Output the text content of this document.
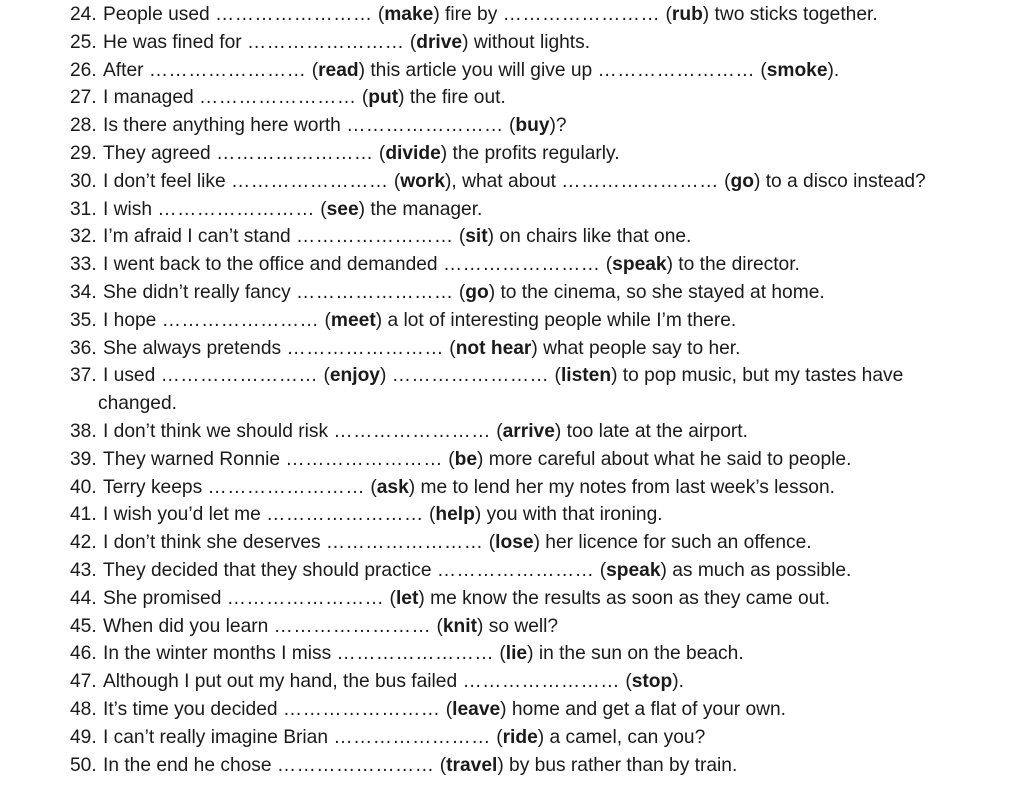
24. People used …………………… (make) fire by …………………… (rub) two sticks together.
25. He was fined for …………………… (drive) without lights.
26. After …………………… (read) this article you will give up …………………… (smoke).
27. I managed …………………… (put) the fire out.
28. Is there anything here worth …………………… (buy)?
29. They agreed …………………… (divide) the profits regularly.
30. I don’t feel like …………………… (work), what about …………………… (go) to a disco instead?
31. I wish …………………… (see) the manager.
32. I’m afraid I can’t stand …………………… (sit) on chairs like that one.
33. I went back to the office and demanded …………………… (speak) to the director.
34. She didn’t really fancy …………………… (go) to the cinema, so she stayed at home.
35. I hope …………………… (meet) a lot of interesting people while I’m there.
36. She always pretends …………………… (not hear) what people say to her.
37. I used …………………… (enjoy) …………………… (listen) to pop music, but my tastes have
changed.
38. I don’t think we should risk …………………… (arrive) too late at the airport.
39. They warned Ronnie …………………… (be) more careful about what he said to people.
40. Terry keeps …………………… (ask) me to lend her my notes from last week’s lesson.
41. I wish you’d let me …………………… (help) you with that ironing.
42. I don’t think she deserves …………………… (lose) her licence for such an offence.
43. They decided that they should practice …………………… (speak) as much as possible.
44. She promised …………………… (let) me know the results as soon as they came out.
45. When did you learn …………………… (knit) so well?
46. In the winter months I miss …………………… (lie) in the sun on the beach.
47. Although I put out my hand, the bus failed …………………… (stop).
48. It’s time you decided …………………… (leave) home and get a flat of your own.
49. I can’t really imagine Brian …………………… (ride) a camel, can you?
50. In the end he chose …………………… (travel) by bus rather than by train.
